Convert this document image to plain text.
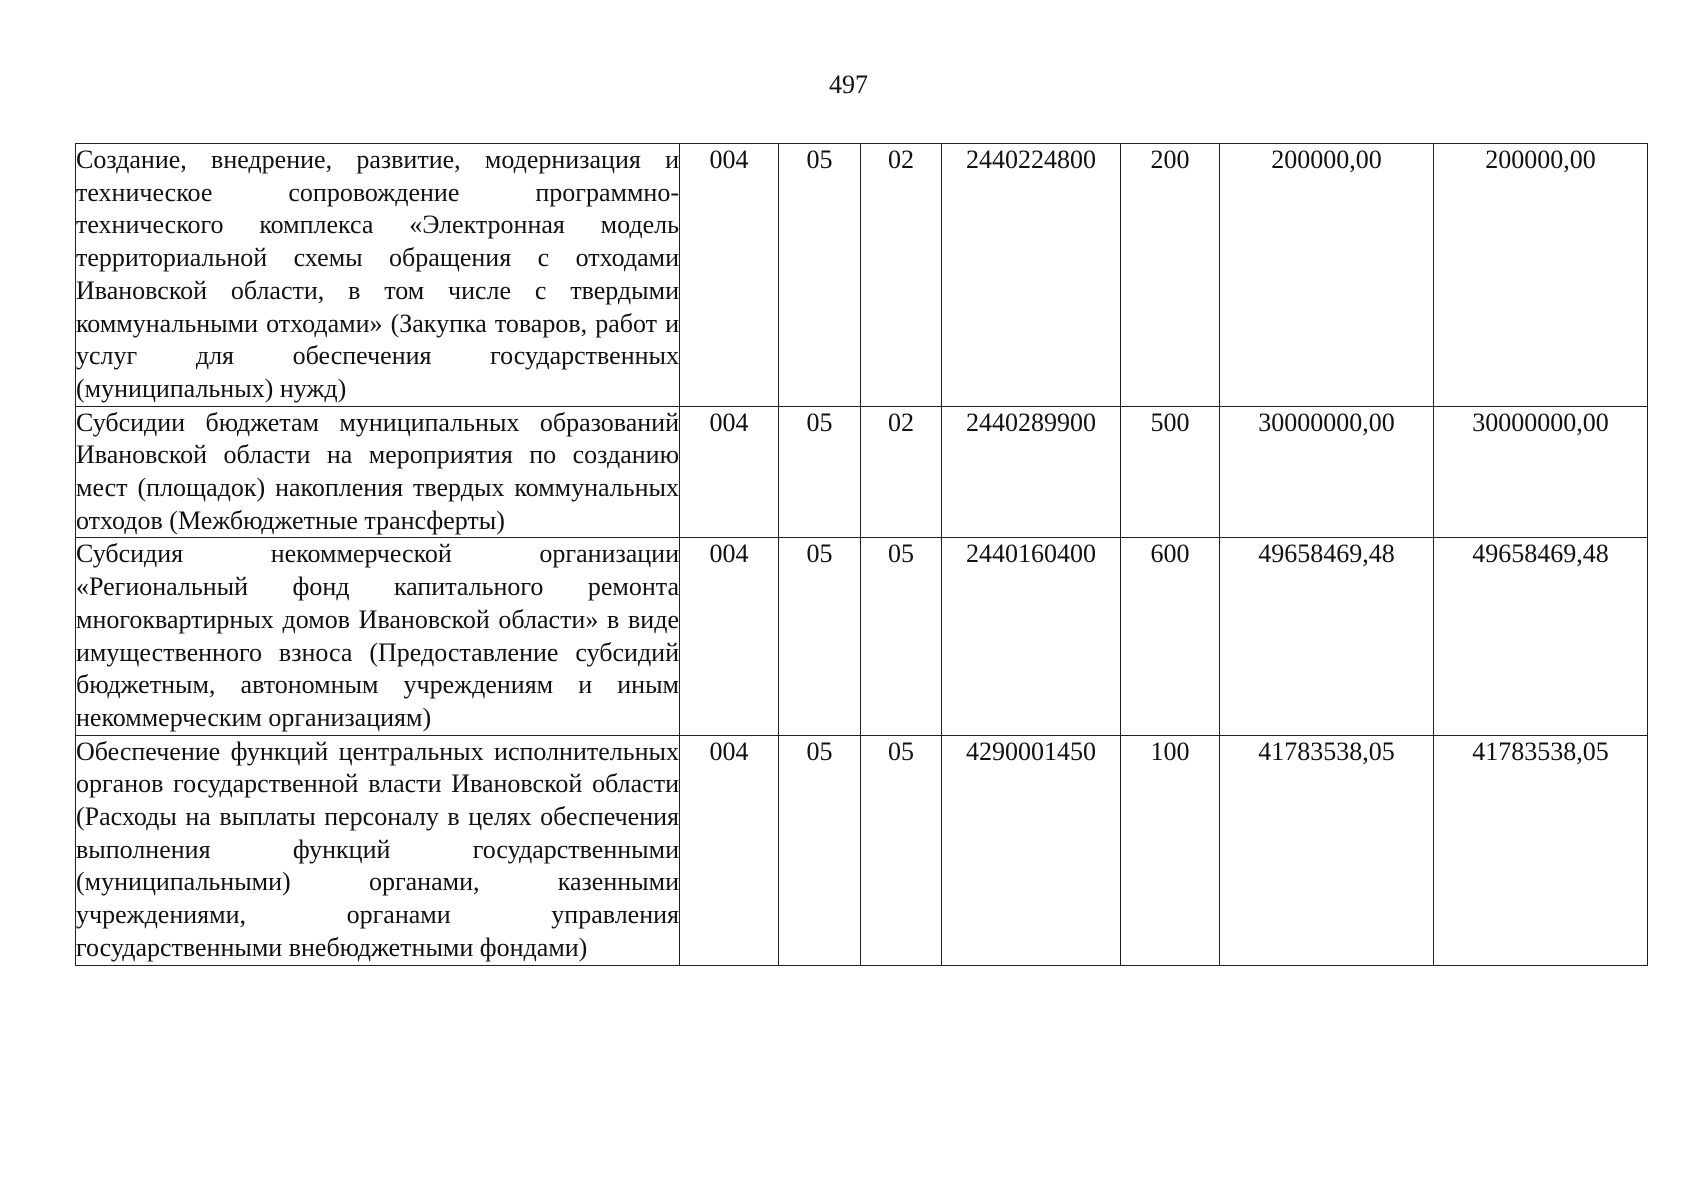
497
Создание, внедрение, развитие, модернизация и техническое сопровождение программно-технического комплекса «Электронная модель территориальной схемы обращения с отходами Ивановской области, в том числе с твердыми коммунальными отходами» (Закупка товаров, работ и услуг для обеспечения государственных (муниципальных) нужд)	004	05	02	2440224800	200	200000,00	200000,00
Субсидии бюджетам муниципальных образований Ивановской области на мероприятия по созданию мест (площадок) накопления твердых коммунальных отходов (Межбюджетные трансферты)	004	05	02	2440289900	500	30000000,00	30000000,00
Субсидия некоммерческой организации «Региональный фонд капитального ремонта многоквартирных домов Ивановской области» в виде имущественного взноса (Предоставление субсидий бюджетным, автономным учреждениям и иным некоммерческим организациям)	004	05	05	2440160400	600	49658469,48	49658469,48
Обеспечение функций центральных исполнительных органов государственной власти Ивановской области (Расходы на выплаты персоналу в целях обеспечения выполнения функций государственными (муниципальными) органами, казенными учреждениями, органами управления государственными внебюджетными фондами)	004	05	05	4290001450	100	41783538,05	41783538,05
